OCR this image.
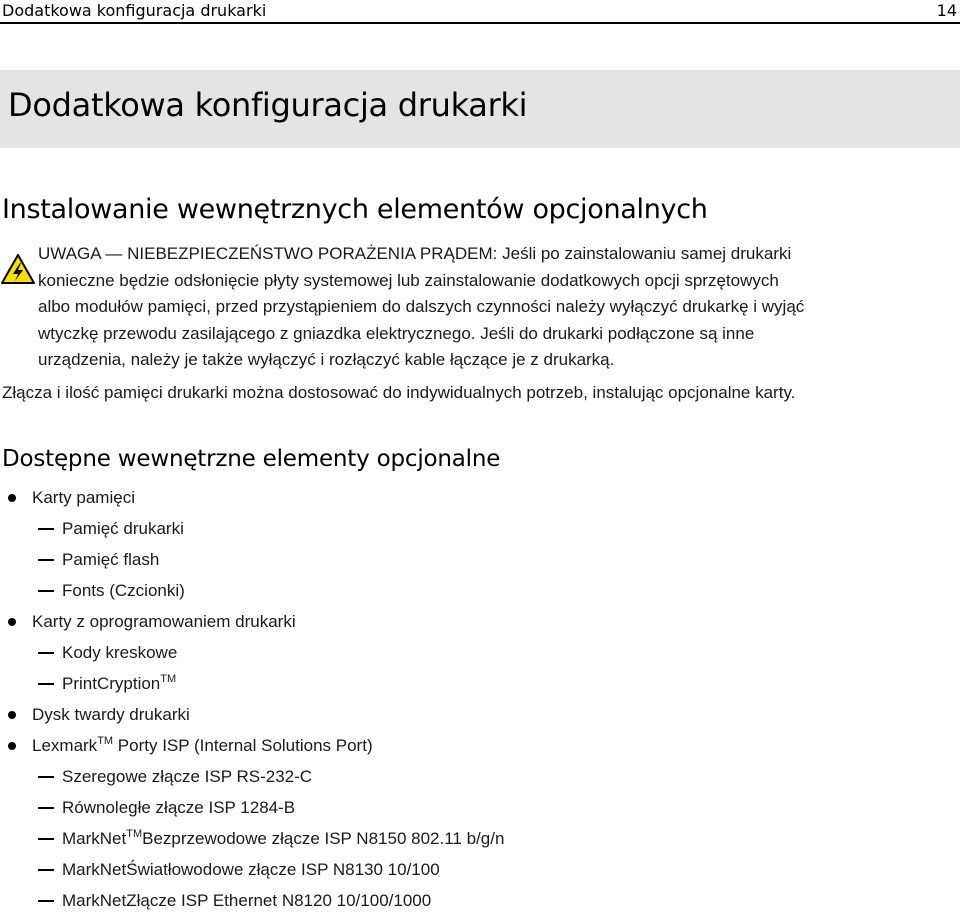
Dodatkowa konfiguracja drukarki	14
Dodatkowa konfiguracja drukarki
Instalowanie wewnętrznych elementów opcjonalnych
UWAGA — NIEBEZPIECZEŃSTWO PORAŻENIA PRĄDEM: Jeśli po zainstalowaniu samej drukarki
konieczne będzie odsłonięcie płyty systemowej lub zainstalowanie dodatkowych opcji sprzętowych
albo modułów pamięci, przed przystąpieniem do dalszych czynności należy wyłączyć drukarkę i wyjąć
wtyczkę przewodu zasilającego z gniazdka elektrycznego. Jeśli do drukarki podłączone są inne
urządzenia, należy je także wyłączyć i rozłączyć kable łączące je z drukarką.
Złącza i ilość pamięci drukarki można dostosować do indywidualnych potrzeb, instalując opcjonalne karty.
Dostępne wewnętrzne elementy opcjonalne
Karty pamięci
Pamięć drukarki
Pamięć flash
Fonts (Czcionki)
Karty z oprogramowaniem drukarki
Kody kreskowe
PrintCryption™
Dysk twardy drukarki
Lexmark™ Porty ISP (Internal Solutions Port)
Szeregowe złącze ISP RS-232-C
Równoległe złącze ISP 1284-B
MarkNet™Bezprzewodowe złącze ISP N8150 802.11 b/g/n
MarkNetŚwiatłowodowe złącze ISP N8130 10/100
MarkNetZłącze ISP Ethernet N8120 10/100/1000
